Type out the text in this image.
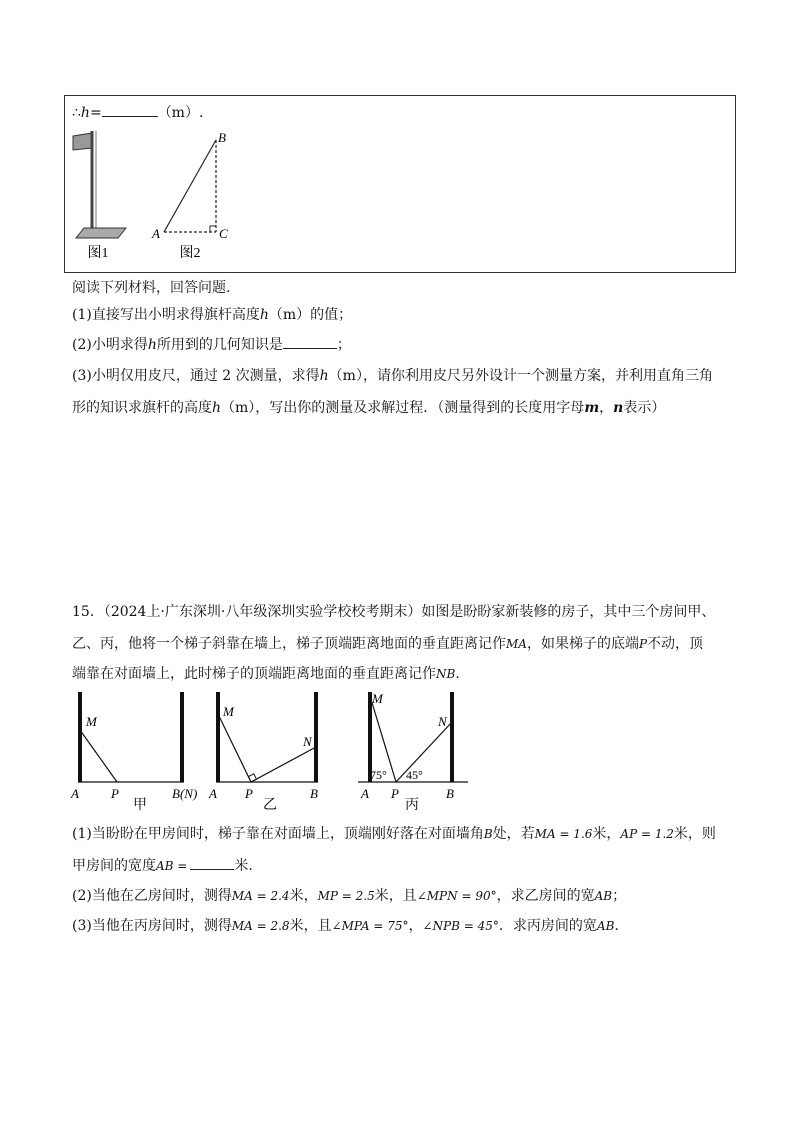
∴h=	（m）.
图1
B
A	C
图2
阅读下列材料，回答问题.
(1)直接写出小明求得旗杆高度h（m）的值；
(2)小明求得h所用到的几何知识是	；
(3)小明仅用皮尺，通过 2 次测量，求得h（m），请你利用皮尺另外设计一个测量方案，并利用直角三角
形的知识求旗杆的高度h（m），写出你的测量及求解过程．（测量得到的长度用字母m，n表示）
15．（2024上·广东深圳·八年级深圳实验学校校考期末）如图是盼盼家新装修的房子，其中三个房间甲、
乙、丙，他将一个梯子斜靠在墙上，梯子顶端距离地面的垂直距离记作MA，如果梯子的底端P不动，顶
端靠在对面墙上，此时梯子的顶端距离地面的垂直距离记作NB.
M
A P	B(N)
甲
M
N
A P	B
乙
M
N
75° 45°
A P	B
丙
(1)当盼盼在甲房间时，梯子靠在对面墙上，顶端刚好落在对面墙角B处，若MA = 1.6米，AP = 1.2米，则
甲房间的宽度AB =	米.
(2)当他在乙房间时，测得MA = 2.4米，MP = 2.5米，且∠MPN = 90°，求乙房间的宽AB；
(3)当他在丙房间时，测得MA = 2.8米，且∠MPA = 75°，∠NPB = 45°．求丙房间的宽AB.
